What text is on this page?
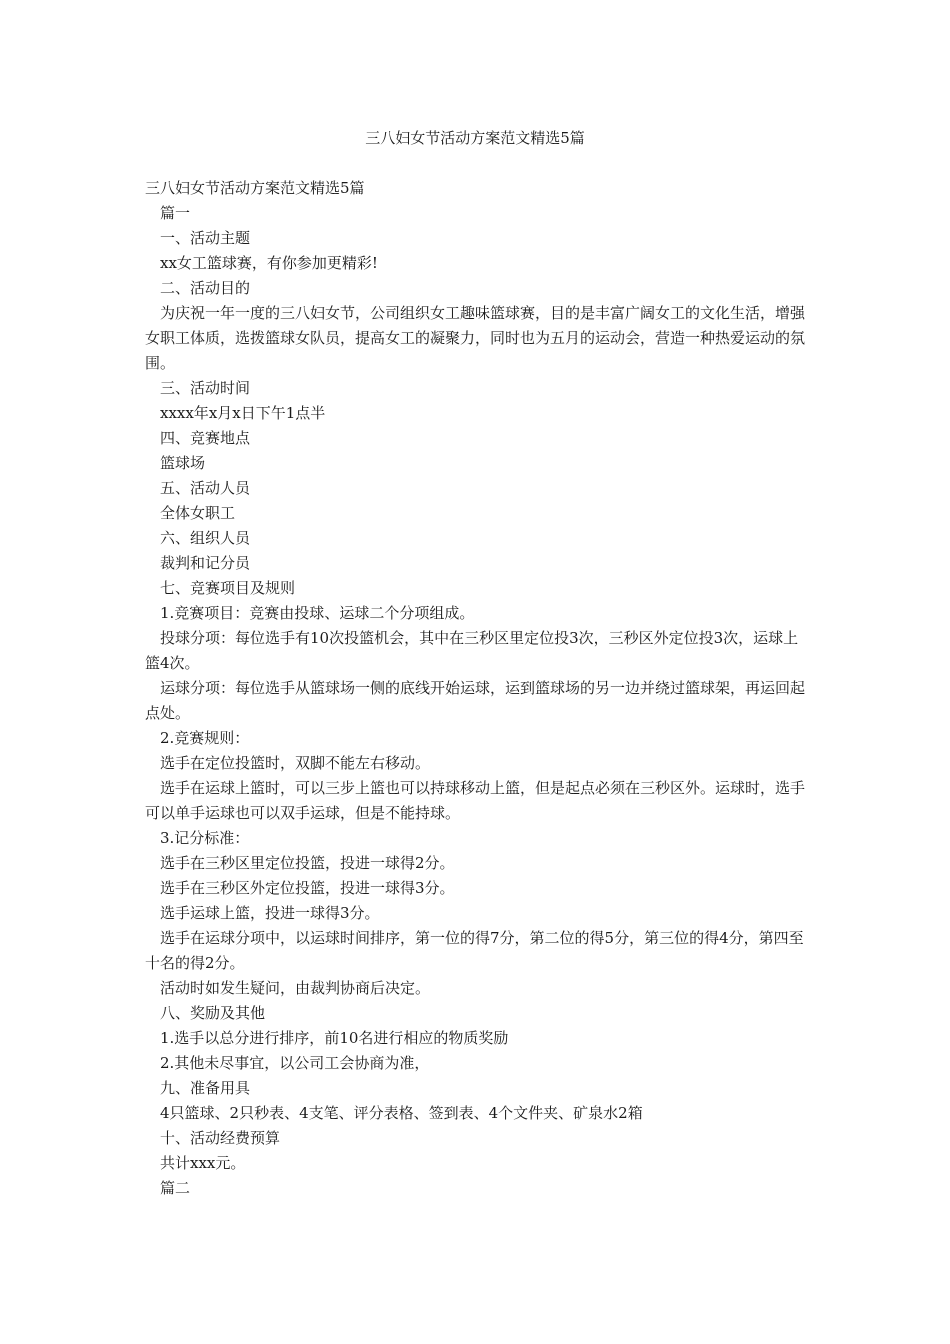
三八妇女节活动方案范文精选5篇

三八妇女节活动方案范文精选5篇

篇一

一、活动主题

xx女工篮球赛，有你参加更精彩!

二、活动目的

为庆祝一年一度的三八妇女节，公司组织女工趣味篮球赛，目的是丰富广阔女工的文化生活，增强女职工体质，选拨篮球女队员，提高女工的凝聚力，同时也为五月的运动会，营造一种热爱运动的氛围。

三、活动时间

xxxx年x月x日下午1点半

四、竞赛地点

篮球场

五、活动人员

全体女职工

六、组织人员

裁判和记分员

七、竞赛项目及规则

1.竞赛项目：竞赛由投球、运球二个分项组成。

投球分项：每位选手有10次投篮机会，其中在三秒区里定位投3次，三秒区外定位投3次，运球上篮4次。

运球分项：每位选手从篮球场一侧的底线开始运球，运到篮球场的另一边并绕过篮球架，再运回起点处。

2.竞赛规则：

选手在定位投篮时，双脚不能左右移动。

选手在运球上篮时，可以三步上篮也可以持球移动上篮，但是起点必须在三秒区外。运球时，选手可以单手运球也可以双手运球，但是不能持球。

3.记分标准：

选手在三秒区里定位投篮，投进一球得2分。

选手在三秒区外定位投篮，投进一球得3分。

选手运球上篮，投进一球得3分。

选手在运球分项中，以运球时间排序，第一位的得7分，第二位的得5分，第三位的得4分，第四至十名的得2分。

活动时如发生疑问，由裁判协商后决定。

八、奖励及其他

1.选手以总分进行排序，前10名进行相应的物质奖励

2.其他未尽事宜，以公司工会协商为准，

九、准备用具

4只篮球、2只秒表、4支笔、评分表格、签到表、4个文件夹、矿泉水2箱

十、活动经费预算

共计xxx元。

篇二
